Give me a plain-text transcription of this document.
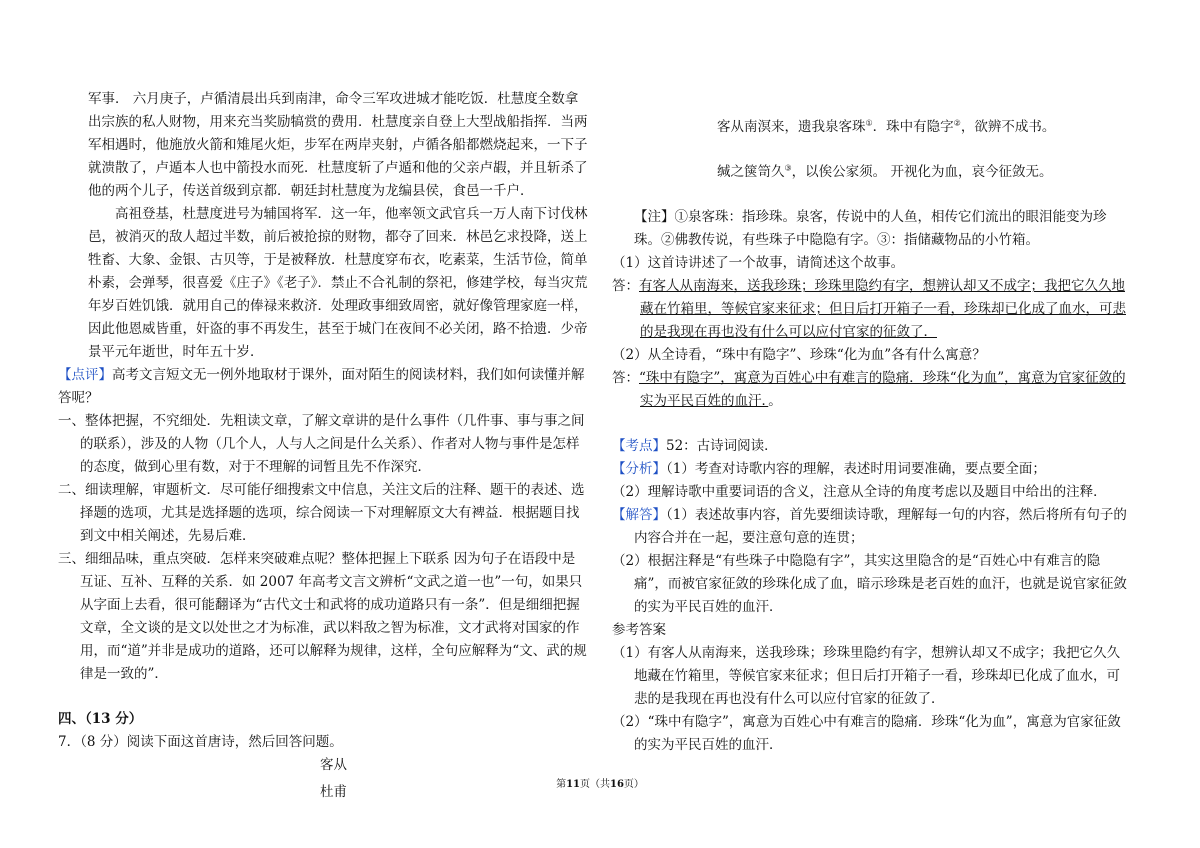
军事． 六月庚子，卢循清晨出兵到南津，命令三军攻进城才能吃饭．杜慧度全数拿出宗族的私人财物，用来充当奖励犒赏的费用．杜慧度亲自登上大型战船指挥．当两军相遇时，他施放火箭和雉尾火炬，步军在两岸夹射，卢循各船都燃烧起来，一下子就溃散了，卢遁本人也中箭投水而死．杜慧度斩了卢遁和他的父亲卢嘏，并且斩杀了他的两个儿子，传送首级到京都．朝廷封杜慧度为龙编县侯，食邑一千户．

高祖登基，杜慧度进号为辅国将军．这一年，他率领文武官兵一万人南下讨伐林邑，被消灭的敌人超过半数，前后被抢掠的财物，都夺了回来．林邑乞求投降，送上牲畜、大象、金银、古贝等，于是被释放．杜慧度穿布衣，吃素菜，生活节俭，简单朴素，会弹琴，很喜爱《庄子》《老子》．禁止不合礼制的祭祀，修建学校，每当灾荒年岁百姓饥饿．就用自己的俸禄来救济．处理政事细致周密，就好像管理家庭一样，因此他恩威皆重，奸盗的事不再发生，甚至于城门在夜间不必关闭，路不拾遗．少帝景平元年逝世，时年五十岁．

【点评】高考文言短文无一例外地取材于课外，面对陌生的阅读材料，我们如何读懂并解答呢？

一、整体把握，不究细处．先粗读文章，了解文章讲的是什么事件（几件事、事与事之间的联系），涉及的人物（几个人，人与人之间是什么关系）、作者对人物与事件是怎样的态度，做到心里有数，对于不理解的词暂且先不作深究．

二、细读理解，审题析文．尽可能仔细搜索文中信息，关注文后的注释、题干的表述、选择题的选项，尤其是选择题的选项，综合阅读一下对理解原文大有裨益．根据题目找到文中相关阐述，先易后难．

三、细细品味，重点突破．怎样来突破难点呢？整体把握上下联系 因为句子在语段中是互证、互补、互释的关系．如 2007 年高考文言文辨析“文武之道一也”一句，如果只从字面上去看，很可能翻译为“古代文士和武将的成功道路只有一条”．但是细细把握文章，全文谈的是文以处世之才为标准，武以料敌之智为标准，文才武将对国家的作用，而“道”并非是成功的道路，还可以解释为规律，这样，全句应解释为“文、武的规律是一致的”．

四、（13 分）

7．（8 分）阅读下面这首唐诗，然后回答问题。

客从

杜甫

客从南溟来，遗我泉客珠①．珠中有隐字②，欲辨不成书。

缄之箧笥久③，以俟公家须。 开视化为血，哀今征敛无。

【注】①泉客珠：指珍珠。泉客，传说中的人鱼，相传它们流出的眼泪能变为珍珠。②佛教传说，有些珠子中隐隐有字。③：指储藏物品的小竹箱。

（1）这首诗讲述了一个故事，请简述这个故事。

答：有客人从南海来，送我珍珠；珍珠里隐约有字，想辨认却又不成字；我把它久久地藏在竹箱里，等候官家来征求；但日后打开箱子一看，珍珠却已化成了血水，可悲的是我现在再也没有什么可以应付官家的征敛了．

（2）从全诗看，“珠中有隐字”、珍珠“化为血”各有什么寓意？

答：“珠中有隐字”，寓意为百姓心中有难言的隐痛．珍珠“化为血”，寓意为官家征敛的实为平民百姓的血汗．。

【考点】52：古诗词阅读．

【分析】（1）考查对诗歌内容的理解，表述时用词要准确，要点要全面；

（2）理解诗歌中重要词语的含义，注意从全诗的角度考虑以及题目中给出的注释．

【解答】（1）表述故事内容，首先要细读诗歌，理解每一句的内容，然后将所有句子的内容合并在一起，要注意句意的连贯；

（2）根据注释是“有些珠子中隐隐有字”，其实这里隐含的是“百姓心中有难言的隐痛”，而被官家征敛的珍珠化成了血，暗示珍珠是老百姓的血汗，也就是说官家征敛的实为平民百姓的血汗．

参考答案

（1）有客人从南海来，送我珍珠；珍珠里隐约有字，想辨认却又不成字；我把它久久地藏在竹箱里，等候官家来征求；但日后打开箱子一看，珍珠却已化成了血水，可悲的是我现在再也没有什么可以应付官家的征敛了．

（2）“珠中有隐字”，寓意为百姓心中有难言的隐痛．珍珠“化为血”，寓意为官家征敛的实为平民百姓的血汗．

第11页（共16页）
